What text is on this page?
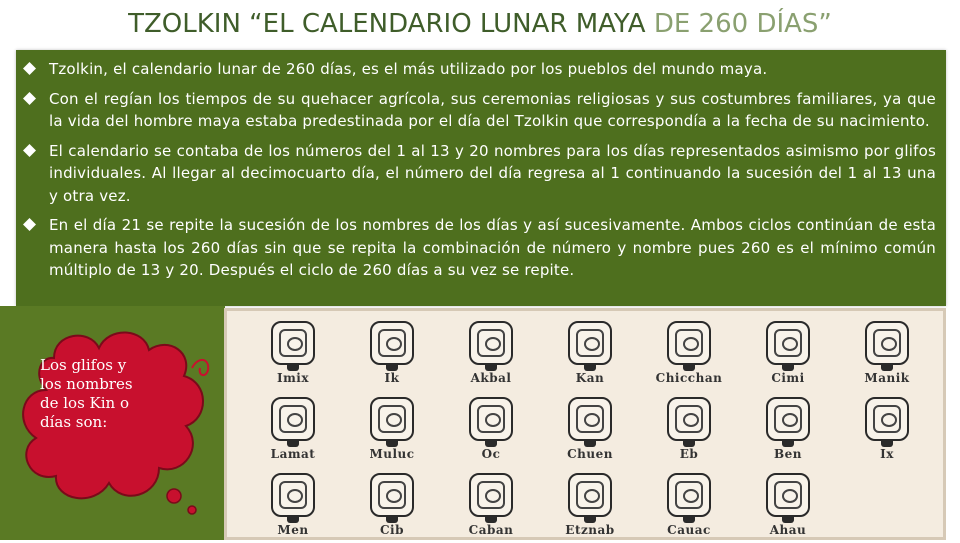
TZOLKIN “EL CALENDARIO LUNAR MAYA DE 260 DÍAS”
Tzolkin, el calendario lunar de 260 días, es el más utilizado por los pueblos del mundo maya.
Con el regían los tiempos de su quehacer agrícola, sus ceremonias religiosas y sus costumbres familiares, ya que la vida del hombre maya estaba predestinada por el día del Tzolkin que correspondía a la fecha de su nacimiento.
El calendario se contaba de los números del 1 al 13 y 20 nombres para los días representados asimismo por glifos individuales. Al llegar al decimocuarto día, el número del día regresa al 1 continuando la sucesión del 1 al 13 una y otra vez.
En el día 21 se repite la sucesión de los nombres de los días y así sucesivamente. Ambos ciclos continúan de esta manera hasta los 260 días sin que se repita la combinación de número y nombre pues 260 es el mínimo común múltiplo de 13 y 20. Después el ciclo de 260 días a su vez se repite.
Los glifos y
los nombres
de los Kin o
días son:
Imix	Ik	Akbal	Kan	Chicchan	Cimi	Manik
Lamat	Muluc	Oc	Chuen	Eb	Ben	Ix
Men	Cib	Caban	Etznab	Cauac	Ahau
